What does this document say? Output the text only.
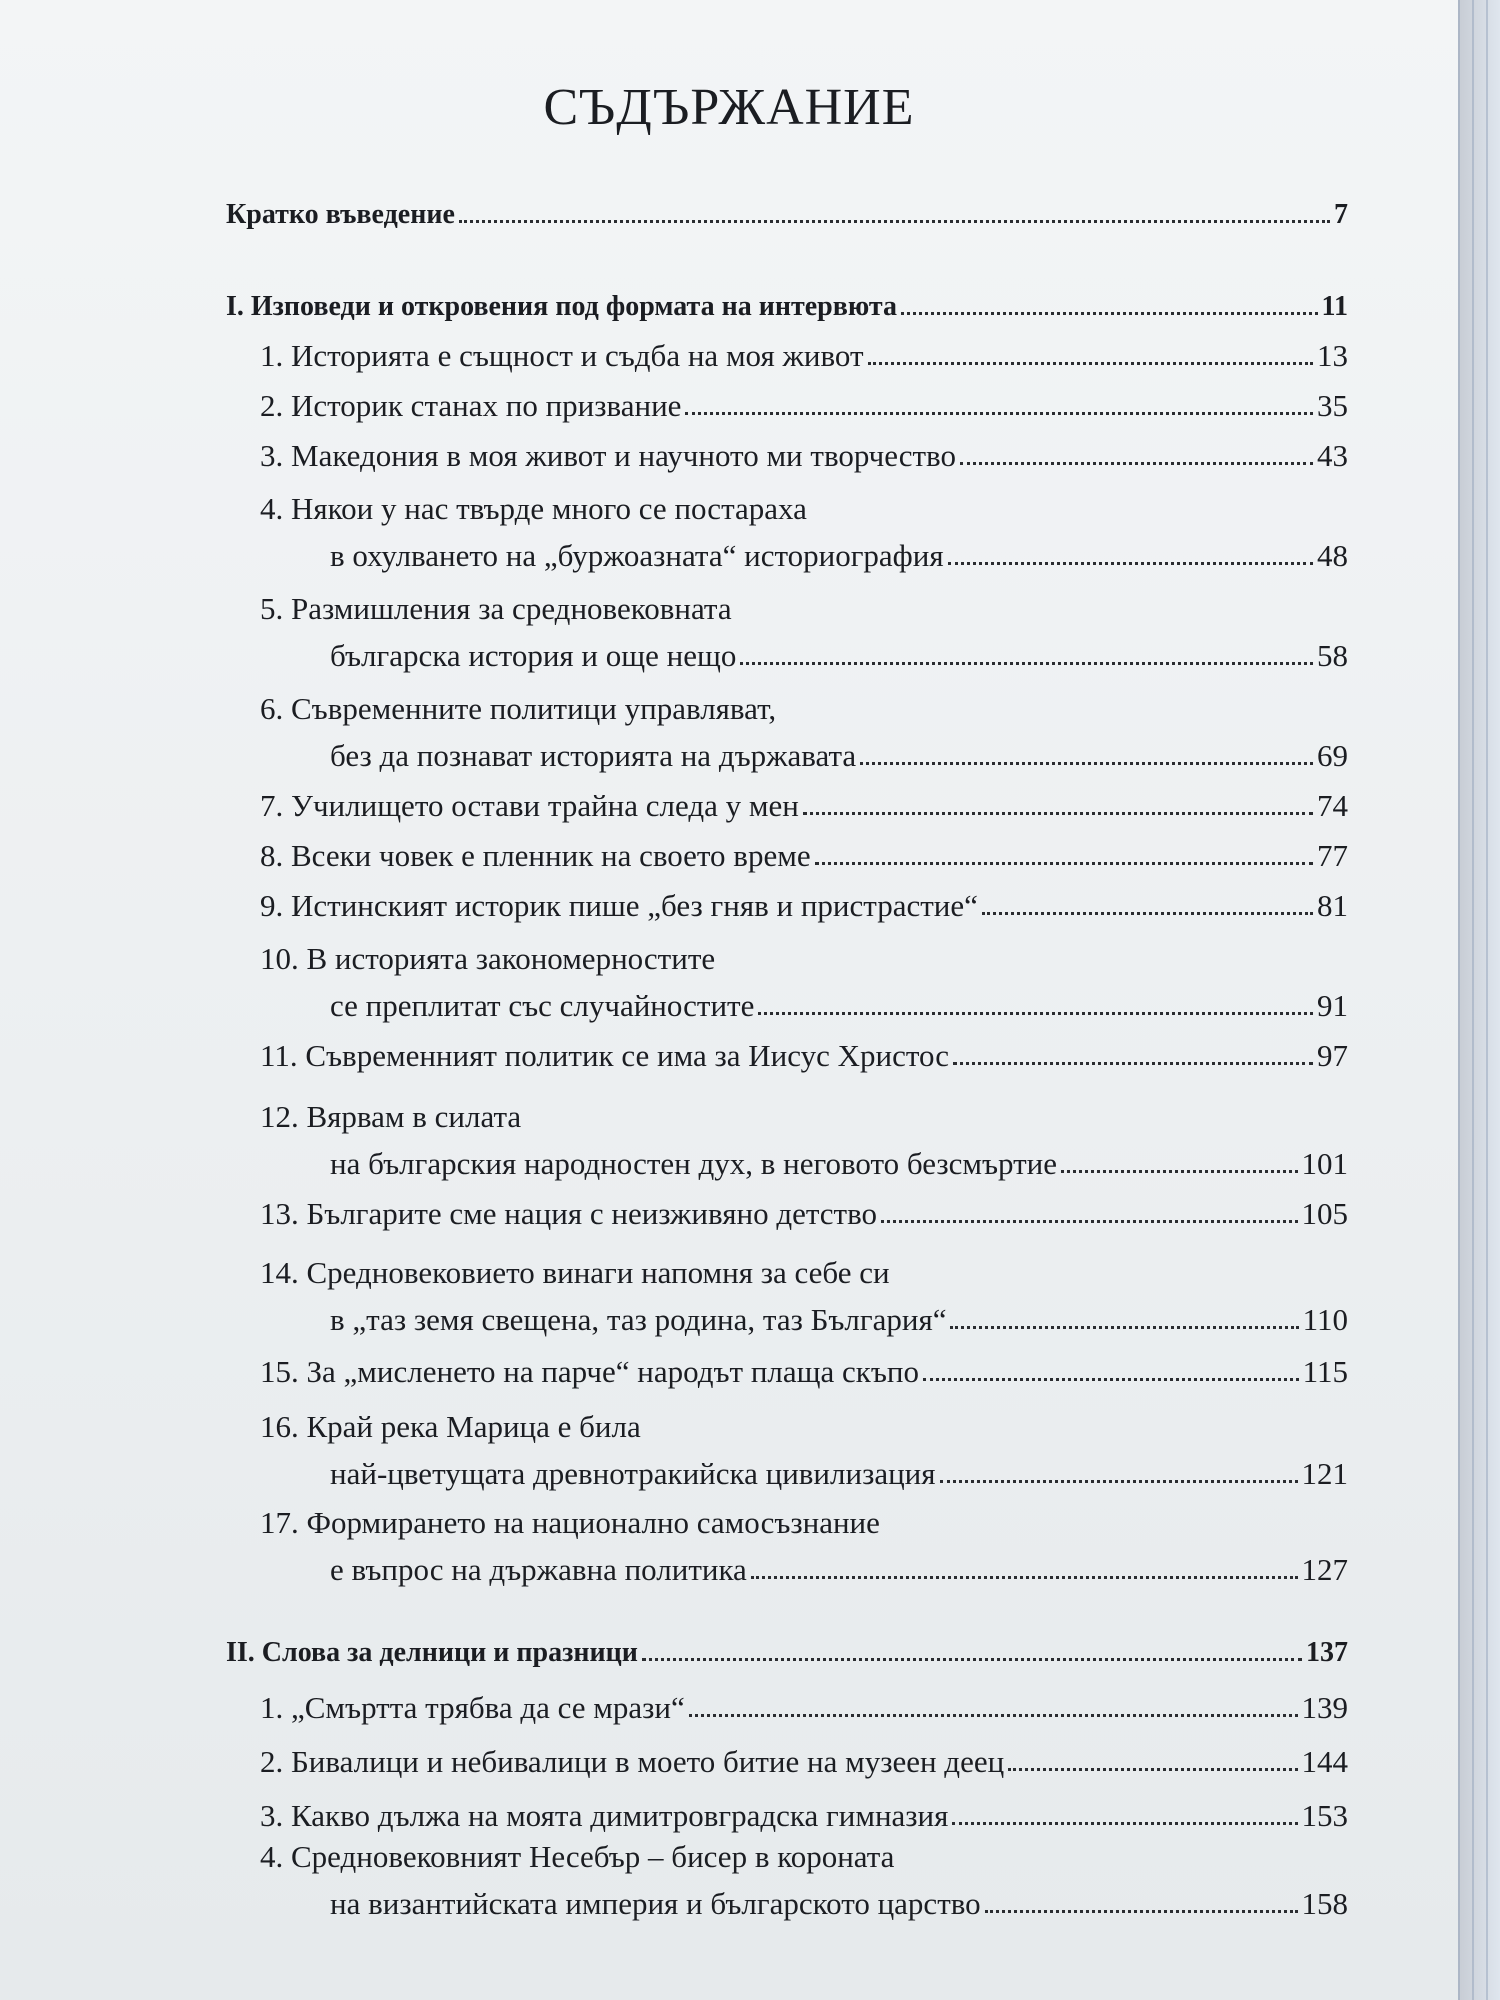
СЪДЪРЖАНИЕ
Кратко въведение	7
I. Изповеди и откровения под формата на интервюта	11
1. Историята е същност и съдба на моя живот	13
2. Историк станах по призвание	35
3. Македония в моя живот и научното ми творчество	43
4. Някои у нас твърде много се постараха
в охулването на „буржоазната“ историография	48
5. Размишления за средновековната
българска история и още нещо	58
6. Съвременните политици управляват,
без да познават историята на държавата	69
7. Училището остави трайна следа у мен	74
8. Всеки човек е пленник на своето време	77
9. Истинският историк пише „без гняв и пристрастие“	81
10. В историята закономерностите
се преплитат със случайностите	91
11. Съвременният политик се има за Иисус Христос	97
12. Вярвам в силата
на българския народностен дух, в неговото безсмъртие	101
13. Българите сме нация с неизживяно детство	105
14. Средновековието винаги напомня за себе си
в „таз земя свещена, таз родина, таз България“	110
15. За „мисленето на парче“ народът плаща скъпо	115
16. Край река Марица е била
най-цветущата древнотракийска цивилизация	121
17. Формирането на национално самосъзнание
е въпрос на държавна политика	127
II. Слова за делници и празници	137
1. „Смъртта трябва да се мрази“	139
2. Бивалици и небивалици в моето битие на музеен деец	144
3. Какво дължа на моята димитровградска гимназия	153
4. Средновековният Несебър – бисер в короната
на византийската империя и българското царство	158
